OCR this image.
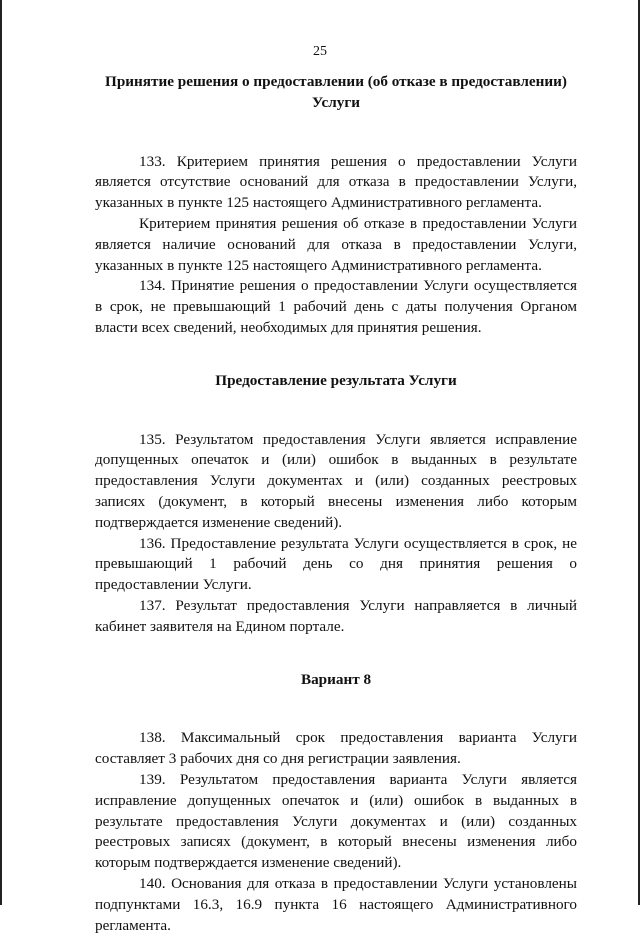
25

Принятие решения о предоставлении (об отказе в предоставлении) Услуги

133. Критерием принятия решения о предоставлении Услуги является отсутствие оснований для отказа в предоставлении Услуги, указанных в пункте 125 настоящего Административного регламента.

Критерием принятия решения об отказе в предоставлении Услуги является наличие оснований для отказа в предоставлении Услуги, указанных в пункте 125 настоящего Административного регламента.

134. Принятие решения о предоставлении Услуги осуществляется в срок, не превышающий 1 рабочий день с даты получения Органом власти всех сведений, необходимых для принятия решения.

Предоставление результата Услуги

135. Результатом предоставления Услуги является исправление допущенных опечаток и (или) ошибок в выданных в результате предоставления Услуги документах и (или) созданных реестровых записях (документ, в который внесены изменения либо которым подтверждается изменение сведений).

136. Предоставление результата Услуги осуществляется в срок, не превышающий 1 рабочий день со дня принятия решения о предоставлении Услуги.

137. Результат предоставления Услуги направляется в личный кабинет заявителя на Едином портале.

Вариант 8

138. Максимальный срок предоставления варианта Услуги составляет 3 рабочих дня со дня регистрации заявления.

139. Результатом предоставления варианта Услуги является исправление допущенных опечаток и (или) ошибок в выданных в результате предоставления Услуги документах и (или) созданных реестровых записях (документ, в который внесены изменения либо которым подтверждается изменение сведений).

140. Основания для отказа в предоставлении Услуги установлены подпунктами 16.3, 16.9 пункта 16 настоящего Административного регламента.
